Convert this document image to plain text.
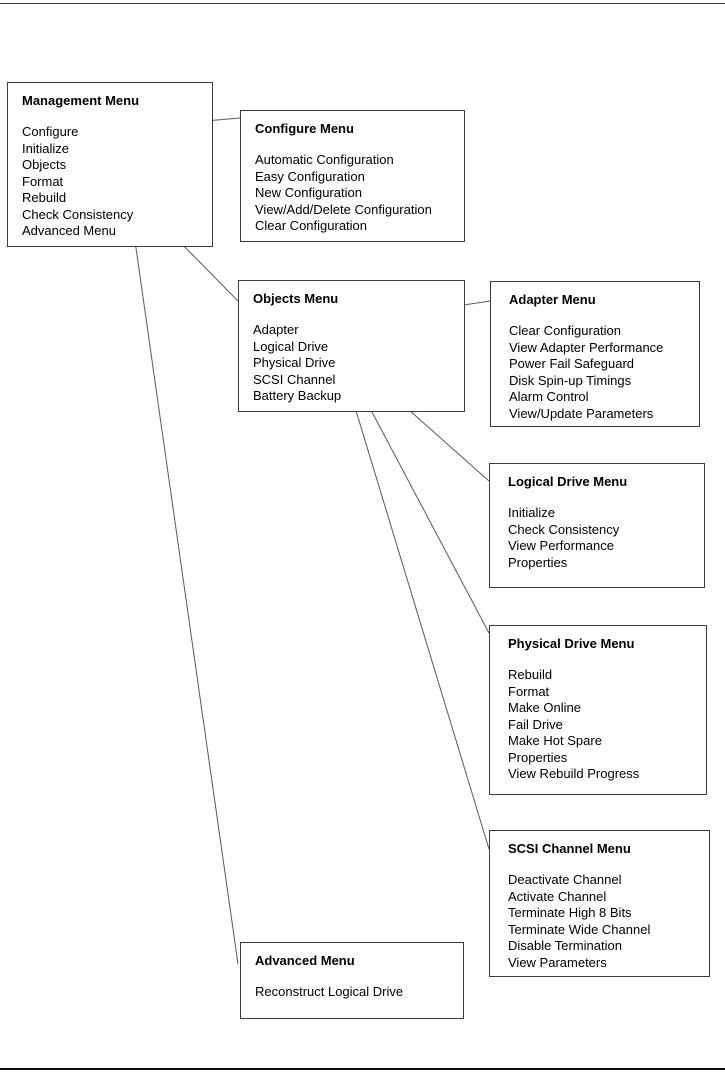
Management Menu
Configure
Initialize
Objects
Format
Rebuild
Check Consistency
Advanced Menu
Configure Menu
Automatic Configuration
Easy Configuration
New Configuration
View/Add/Delete Configuration
Clear Configuration
Objects Menu
Adapter
Logical Drive
Physical Drive
SCSI Channel
Battery Backup
Adapter Menu
Clear Configuration
View Adapter Performance
Power Fail Safeguard
Disk Spin-up Timings
Alarm Control
View/Update Parameters
Logical Drive Menu
Initialize
Check Consistency
View Performance
Properties
Physical Drive Menu
Rebuild
Format
Make Online
Fail Drive
Make Hot Spare
Properties
View Rebuild Progress
SCSI Channel Menu
Deactivate Channel
Activate Channel
Terminate High 8 Bits
Terminate Wide Channel
Disable Termination
View Parameters
Advanced Menu
Reconstruct Logical Drive
